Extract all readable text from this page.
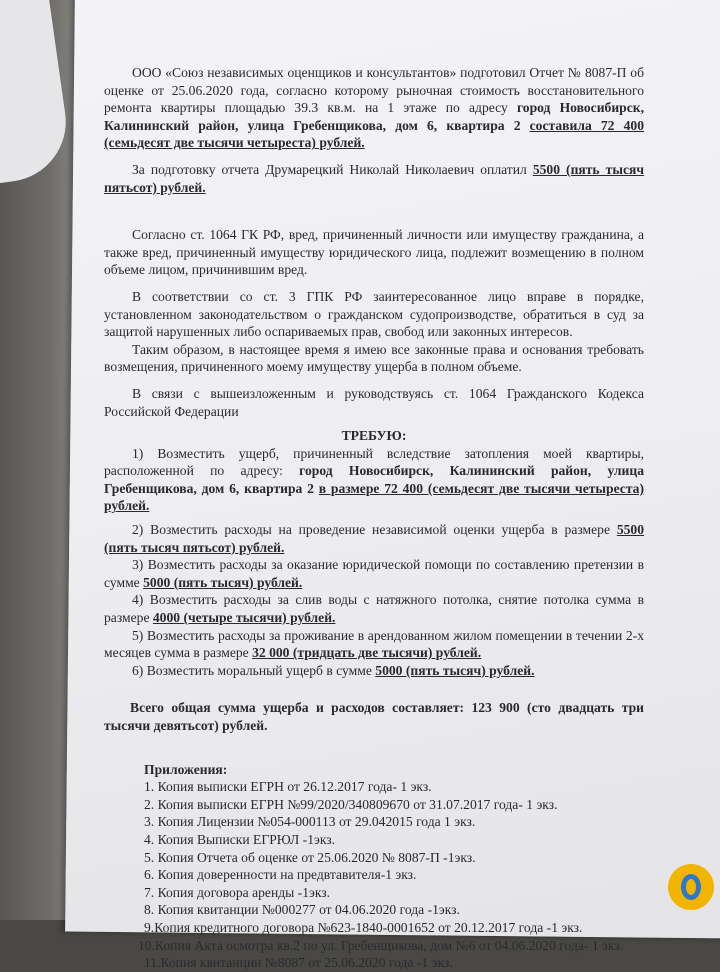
ООО «Союз независимых оценщиков и консультантов» подготовил Отчет № 8087-П об оценке от 25.06.2020 года, согласно которому рыночная стоимость восстановительного ремонта квартиры площадью 39.3 кв.м. на 1 этаже по адресу город Новосибирск, Калининский район, улица Гребенщикова, дом 6, квартира 2 составила 72 400 (семьдесят две тысячи четыреста) рублей.

За подготовку отчета Друмарецкий Николай Николаевич оплатил 5500 (пять тысяч пятьсот) рублей.

Согласно ст. 1064 ГК РФ, вред, причиненный личности или имуществу гражданина, а также вред, причиненный имуществу юридического лица, подлежит возмещению в полном объеме лицом, причинившим вред.

В соответствии со ст. 3 ГПК РФ заинтересованное лицо вправе в порядке, установленном законодательством о гражданском судопроизводстве, обратиться в суд за защитой нарушенных либо оспариваемых прав, свобод или законных интересов.

Таким образом, в настоящее время я имею все законные права и основания требовать возмещения, причиненного моему имуществу ущерба в полном объеме.

В связи с вышеизложенным и руководствуясь ст. 1064 Гражданского Кодекса Российской Федерации

ТРЕБУЮ:

1) Возместить ущерб, причиненный вследствие затопления моей квартиры, расположенной по адресу: город Новосибирск, Калининский район, улица Гребенщикова, дом 6, квартира 2 в размере 72 400 (семьдесят две тысячи четыреста) рублей.

2) Возместить расходы на проведение независимой оценки ущерба в размере 5500 (пять тысяч пятьсот) рублей.

3) Возместить расходы за оказание юридической помощи по составлению претензии в сумме 5000 (пять тысяч) рублей.

4) Возместить расходы за слив воды с натяжного потолка, снятие потолка сумма в размере 4000 (четыре тысячи) рублей.

5) Возместить расходы за проживание в арендованном жилом помещении в течении 2-х месяцев сумма в размере 32 000 (тридцать две тысячи) рублей.

6) Возместить моральный ущерб в сумме 5000 (пять тысяч) рублей.

Всего общая сумма ущерба и расходов составляет: 123 900 (сто двадцать три тысячи девятьсот) рублей.

Приложения:

1. Копия выписки ЕГРН от 26.12.2017 года- 1 экз.

2. Копия выписки ЕГРН №99/2020/340809670 от 31.07.2017 года- 1 экз.

3. Копия Лицензии №054-000113 от 29.042015 года 1 экз.

4. Копия Выписки ЕГРЮЛ -1экз.

5. Копия Отчета об оценке от 25.06.2020 № 8087-П -1экз.

6. Копия доверенности на предвтавителя-1 экз.

7. Копия договора аренды -1экз.

8. Копия квитанции №000277 от 04.06.2020 года -1экз.

9.Копия кредитного договора №623-1840-0001652 от 20.12.2017 года -1 экз.

10.Копия Акта осмотра кв.2 по ул. Гребенщикова, дом №6 от 04.06.2020 года- 1 экз.

11.Копия квитанции №8087 от 25.06.2020 года -1 экз.
